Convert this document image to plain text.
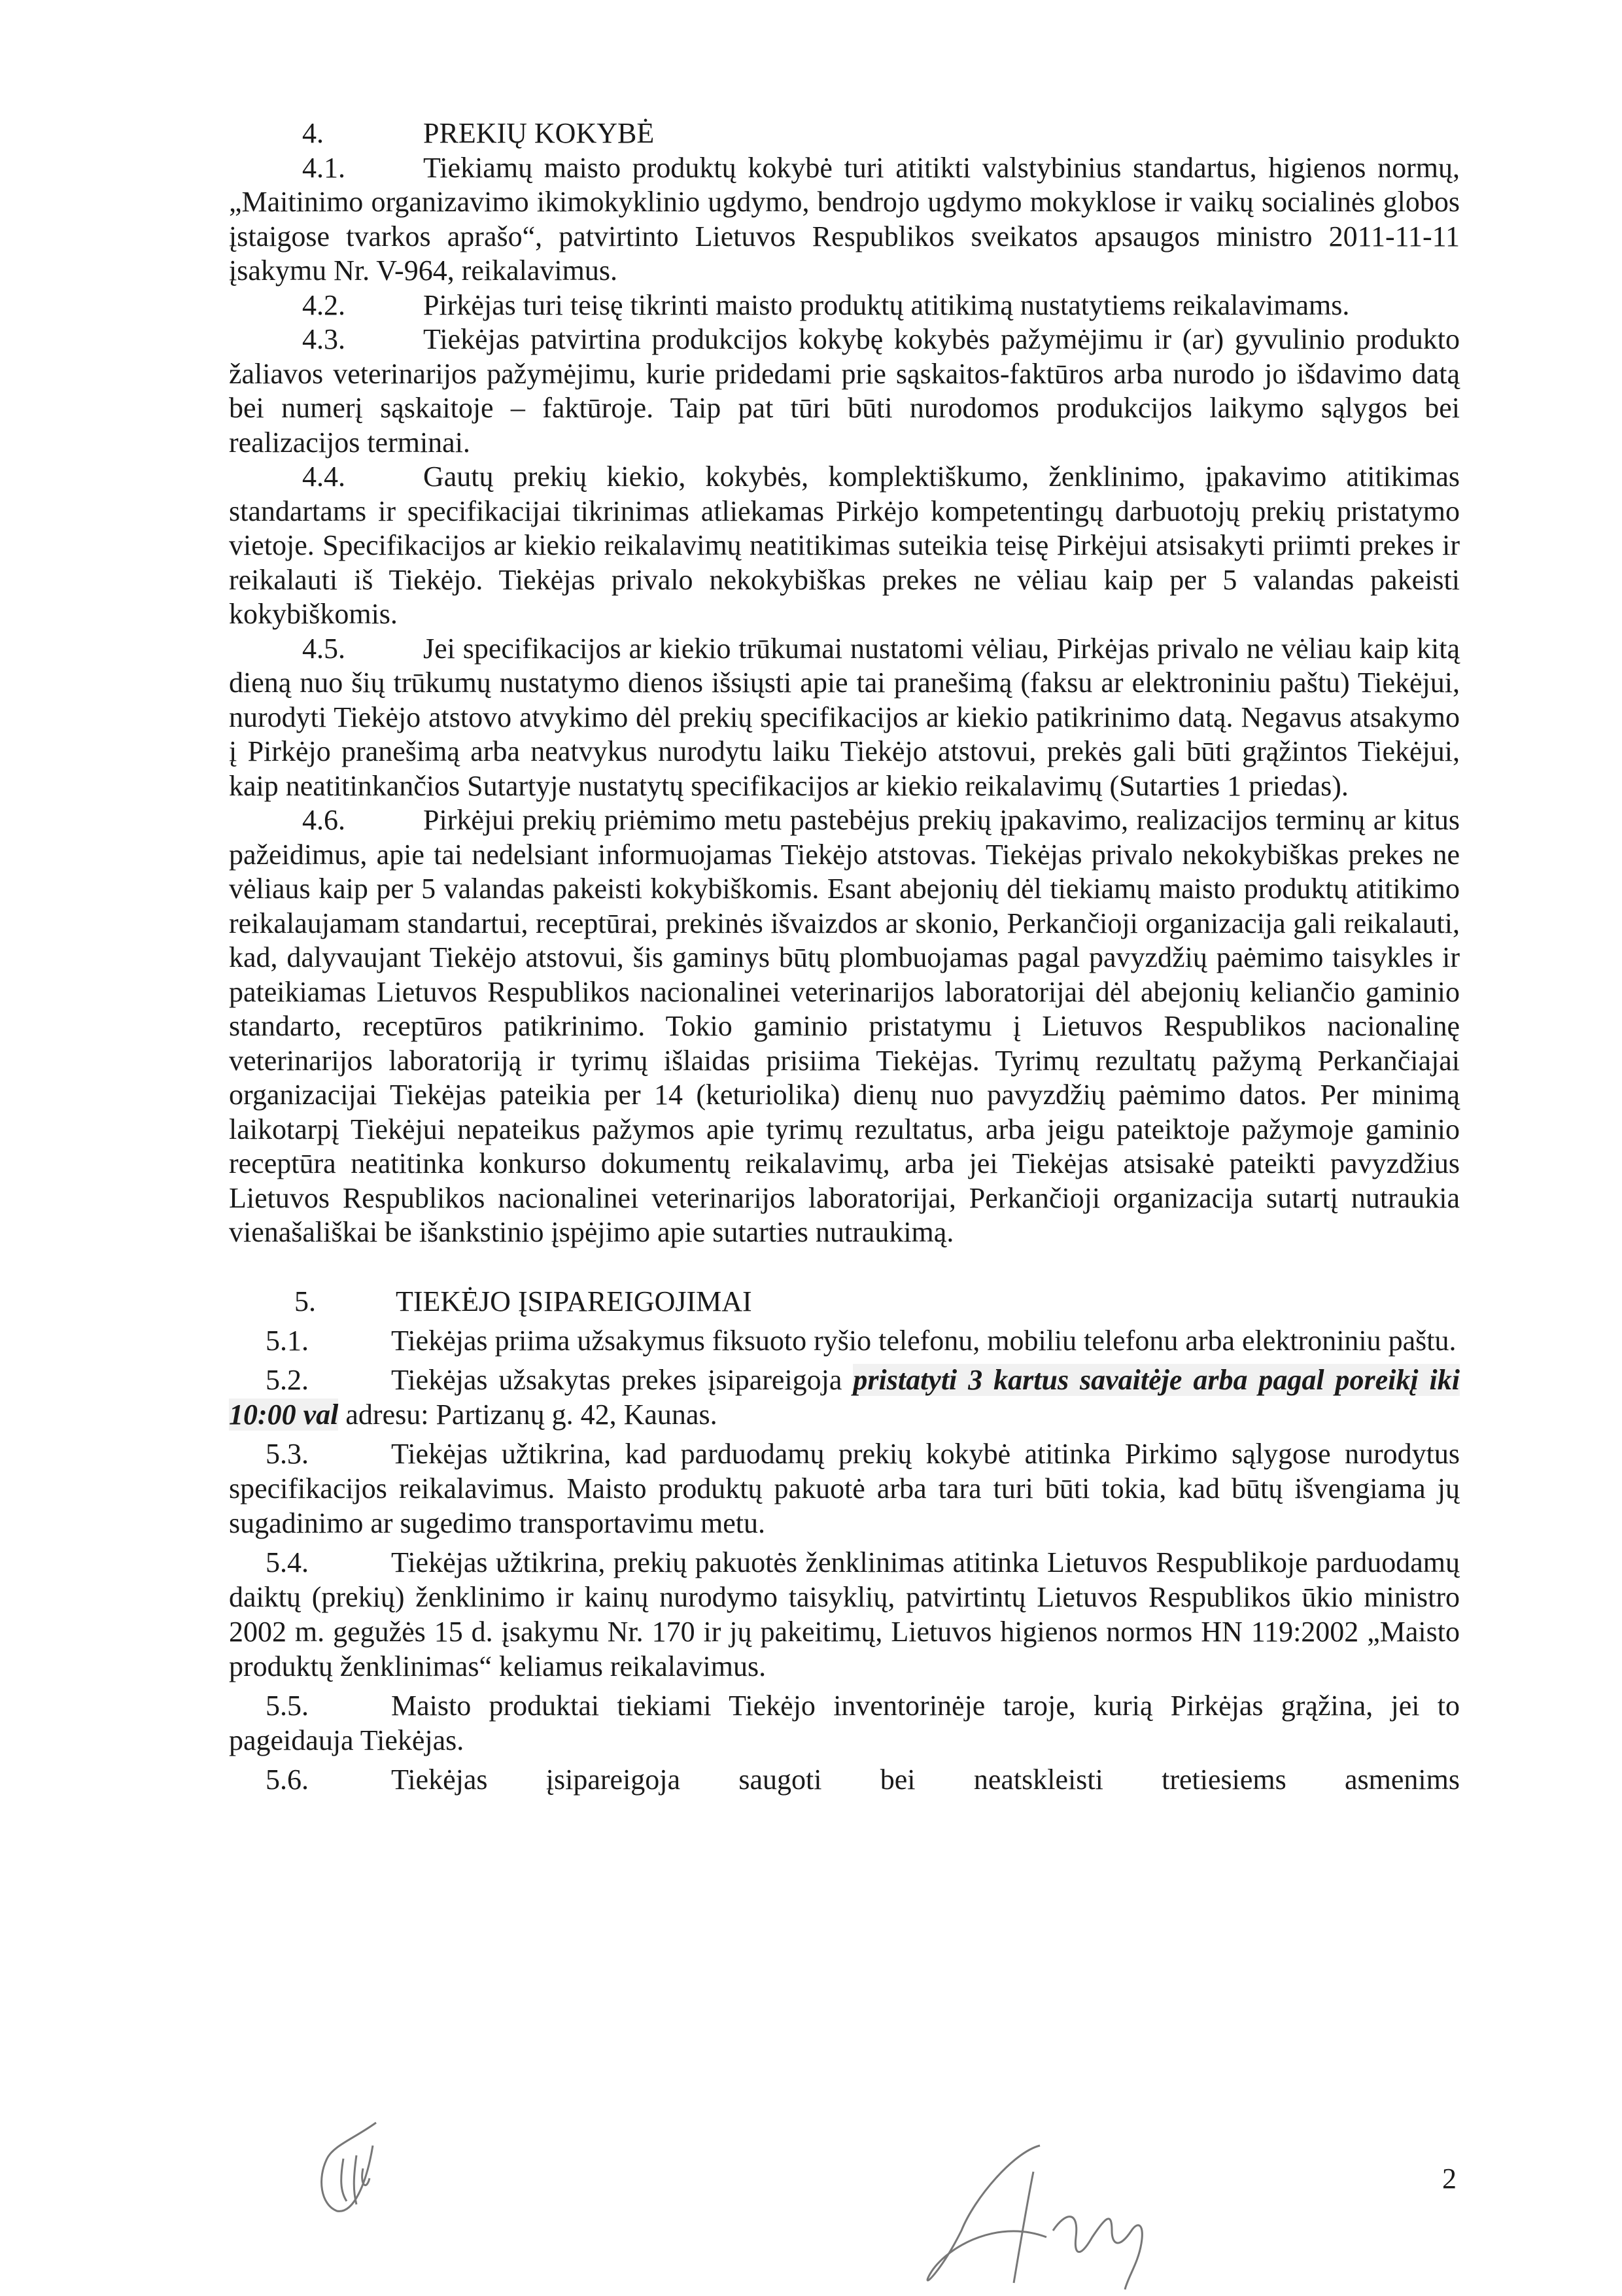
4.	PREKIŲ KOKYBĖ

4.1.	Tiekiamų maisto produktų kokybė turi atitikti valstybinius standartus, higienos normų, „Maitinimo organizavimo ikimokyklinio ugdymo, bendrojo ugdymo mokyklose ir vaikų socialinės globos įstaigose tvarkos aprašo“, patvirtinto Lietuvos Respublikos sveikatos apsaugos ministro 2011-11-11 įsakymu Nr. V-964, reikalavimus.

4.2.	Pirkėjas turi teisę tikrinti maisto produktų atitikimą nustatytiems reikalavimams.

4.3.	Tiekėjas patvirtina produkcijos kokybę kokybės pažymėjimu ir (ar) gyvulinio produkto žaliavos veterinarijos pažymėjimu, kurie pridedami prie sąskaitos-faktūros arba nurodo jo išdavimo datą bei numerį sąskaitoje – faktūroje. Taip pat tūri būti nurodomos produkcijos laikymo sąlygos bei realizacijos terminai.

4.4.	Gautų prekių kiekio, kokybės, komplektiškumo, ženklinimo, įpakavimo atitikimas standartams ir specifikacijai tikrinimas atliekamas Pirkėjo kompetentingų darbuotojų prekių pristatymo vietoje. Specifikacijos ar kiekio reikalavimų neatitikimas suteikia teisę Pirkėjui atsisakyti priimti prekes ir reikalauti iš Tiekėjo. Tiekėjas privalo nekokybiškas prekes ne vėliau kaip per 5 valandas pakeisti kokybiškomis.

4.5.	Jei specifikacijos ar kiekio trūkumai nustatomi vėliau, Pirkėjas privalo ne vėliau kaip kitą dieną nuo šių trūkumų nustatymo dienos išsiųsti apie tai pranešimą (faksu ar elektroniniu paštu) Tiekėjui, nurodyti Tiekėjo atstovo atvykimo dėl prekių specifikacijos ar kiekio patikrinimo datą. Negavus atsakymo į Pirkėjo pranešimą arba neatvykus nurodytu laiku Tiekėjo atstovui, prekės gali būti grąžintos Tiekėjui, kaip neatitinkančios Sutartyje nustatytų specifikacijos ar kiekio reikalavimų (Sutarties 1 priedas).

4.6.	Pirkėjui prekių priėmimo metu pastebėjus prekių įpakavimo, realizacijos terminų ar kitus pažeidimus, apie tai nedelsiant informuojamas Tiekėjo atstovas. Tiekėjas privalo nekokybiškas prekes ne vėliaus kaip per 5 valandas pakeisti kokybiškomis. Esant abejonių dėl tiekiamų maisto produktų atitikimo reikalaujamam standartui, receptūrai, prekinės išvaizdos ar skonio, Perkančioji organizacija gali reikalauti, kad, dalyvaujant Tiekėjo atstovui, šis gaminys būtų plombuojamas pagal pavyzdžių paėmimo taisykles ir pateikiamas Lietuvos Respublikos nacionalinei veterinarijos laboratorijai dėl abejonių keliančio gaminio standarto, receptūros patikrinimo. Tokio gaminio pristatymu į Lietuvos Respublikos nacionalinę veterinarijos laboratoriją ir tyrimų išlaidas prisiima Tiekėjas. Tyrimų rezultatų pažymą Perkančiajai organizacijai Tiekėjas pateikia per 14 (keturiolika) dienų nuo pavyzdžių paėmimo datos. Per minimą laikotarpį Tiekėjui nepateikus pažymos apie tyrimų rezultatus, arba jeigu pateiktoje pažymoje gaminio receptūra neatitinka konkurso dokumentų reikalavimų, arba jei Tiekėjas atsisakė pateikti pavyzdžius Lietuvos Respublikos nacionalinei veterinarijos laboratorijai, Perkančioji organizacija sutartį nutraukia vienašališkai be išankstinio įspėjimo apie sutarties nutraukimą.

5.	TIEKĖJO ĮSIPAREIGOJIMAI

5.1.	Tiekėjas priima užsakymus fiksuoto ryšio telefonu, mobiliu telefonu arba elektroniniu paštu.

5.2.	Tiekėjas užsakytas prekes įsipareigoja pristatyti 3 kartus savaitėje arba pagal poreikį iki 10:00 val adresu: Partizanų g. 42, Kaunas.

5.3.	Tiekėjas užtikrina, kad parduodamų prekių kokybė atitinka Pirkimo sąlygose nurodytus specifikacijos reikalavimus. Maisto produktų pakuotė arba tara turi būti tokia, kad būtų išvengiama jų sugadinimo ar sugedimo transportavimu metu.

5.4.	Tiekėjas užtikrina, prekių pakuotės ženklinimas atitinka Lietuvos Respublikoje parduodamų daiktų (prekių) ženklinimo ir kainų nurodymo taisyklių, patvirtintų Lietuvos Respublikos ūkio ministro 2002 m. gegužės 15 d. įsakymu Nr. 170 ir jų pakeitimų, Lietuvos higienos normos HN 119:2002 „Maisto produktų ženklinimas“ keliamus reikalavimus.

5.5.	Maisto produktai tiekiami Tiekėjo inventorinėje taroje, kurią Pirkėjas grąžina, jei to pageidauja Tiekėjas.

5.6.	Tiekėjas įsipareigoja saugoti bei neatskleisti tretiesiems asmenims

2
